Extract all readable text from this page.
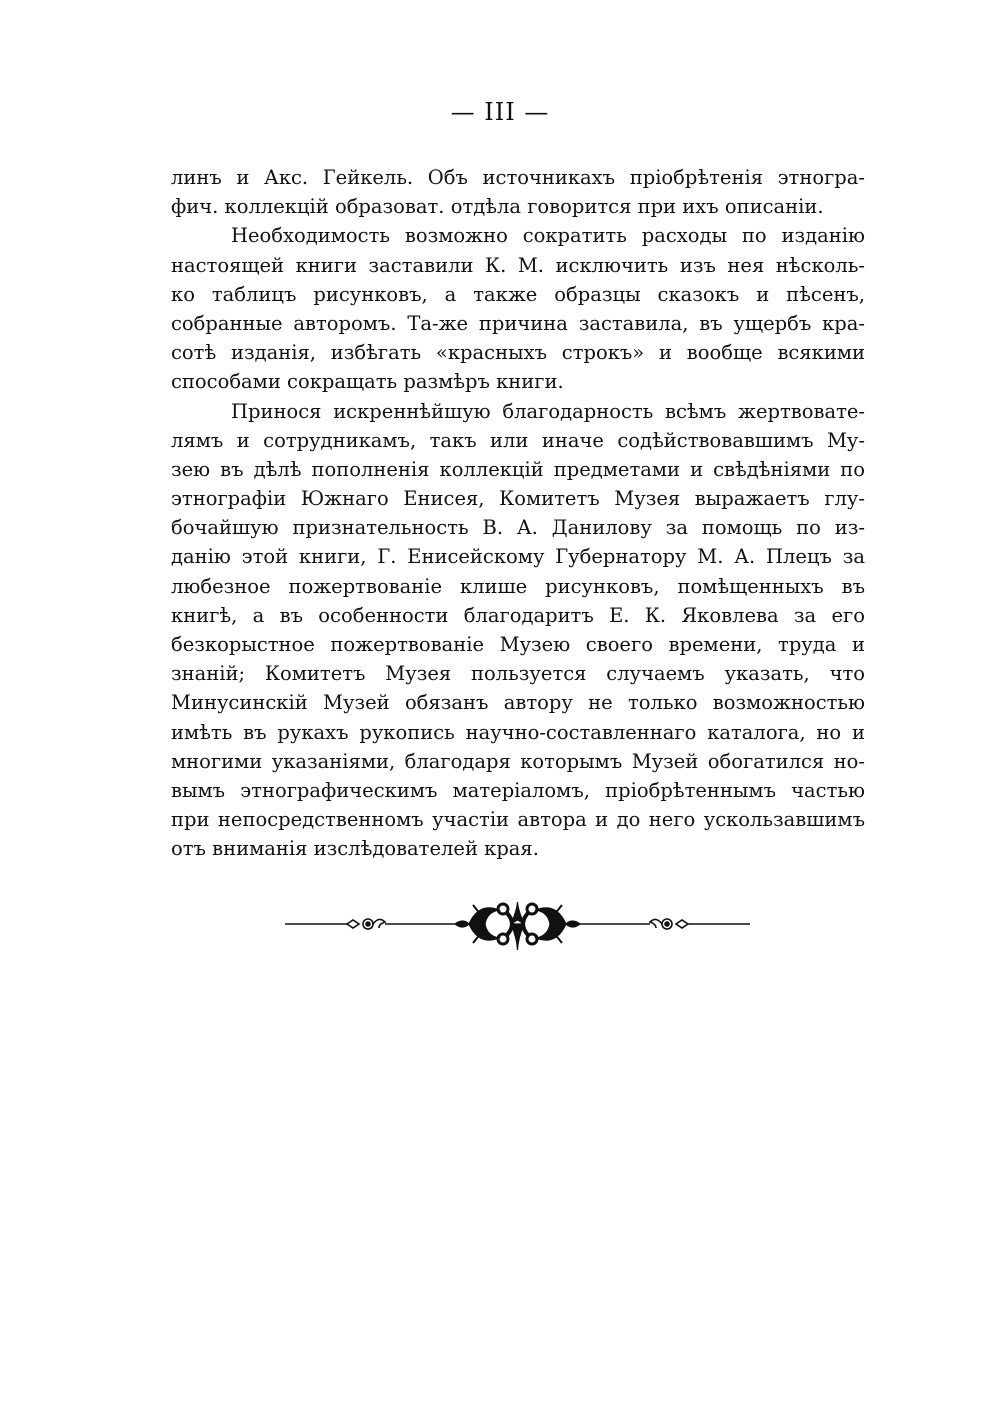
— III —
линъ и Акс. Гейкель. Объ источникахъ пріобрѣтенія этногра-
фич. коллекцій образоват. отдѣла говорится при ихъ описаніи.
Необходимость возможно сократить расходы по изданію
настоящей книги заставили К. М. исключить изъ нея нѣсколь-
ко таблицъ рисунковъ, а также образцы сказокъ и пѣсенъ,
собранные авторомъ. Та-же причина заставила, въ ущербъ кра-
сотѣ изданія, избѣгать «красныхъ строкъ» и вообще всякими
способами сокращать размѣръ книги.
Принося искреннѣйшую благодарность всѣмъ жертвовате-
лямъ и сотрудникамъ, такъ или иначе содѣйствовавшимъ Му-
зею въ дѣлѣ пополненія коллекцій предметами и свѣдѣніями по
этнографіи Южнаго Енисея, Комитетъ Музея выражаетъ глу-
бочайшую признательность В. А. Данилову за помощь по из-
данію этой книги, Г. Енисейскому Губернатору М. А. Плецъ за
любезное пожертвованіе клише рисунковъ, помѣщенныхъ въ
книгѣ, а въ особенности благодаритъ Е. К. Яковлева за его
безкорыстное пожертвованіе Музею своего времени, труда и
знаній; Комитетъ Музея пользуется случаемъ указать, что
Минусинскій Музей обязанъ автору не только возможностью
имѣть въ рукахъ рукопись научно-составленнаго каталога, но и
многими указаніями, благодаря которымъ Музей обогатился но-
вымъ этнографическимъ матеріаломъ, пріобрѣтеннымъ частью
при непосредственномъ участіи автора и до него ускользавшимъ
отъ вниманія изслѣдователей края.
